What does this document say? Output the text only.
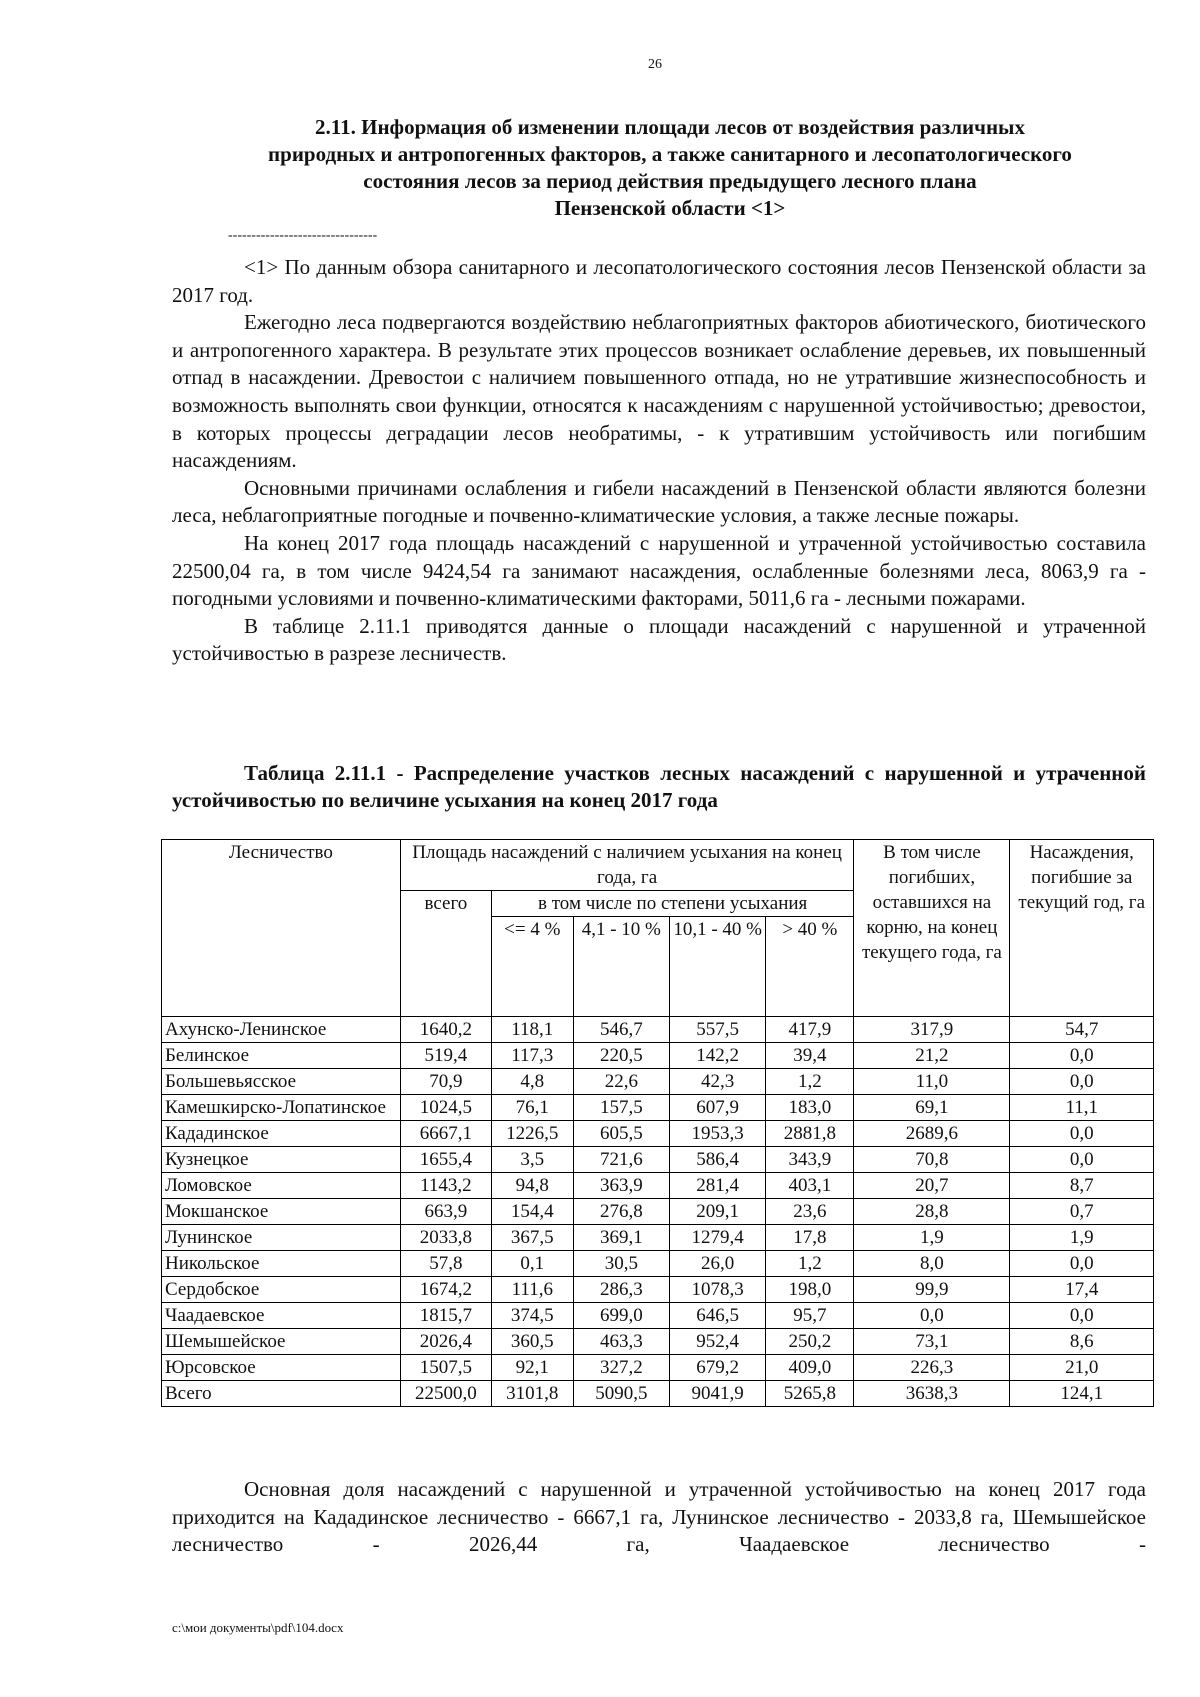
26
2.11. Информация об изменении площади лесов от воздействия различных
природных и антропогенных факторов, а также санитарного и лесопатологического
состояния лесов за период действия предыдущего лесного плана
Пензенской области <1>
--------------------------------

<1> По данным обзора санитарного и лесопатологического состояния лесов Пензенской области за 2017 год.

Ежегодно леса подвергаются воздействию неблагоприятных факторов абиотического, биотического и антропогенного характера. В результате этих процессов возникает ослабление деревьев, их повышенный отпад в насаждении. Древостои с наличием повышенного отпада, но не утратившие жизнеспособность и возможность выполнять свои функции, относятся к насаждениям с нарушенной устойчивостью; древостои, в которых процессы деградации лесов необратимы, - к утратившим устойчивость или погибшим насаждениям.

Основными причинами ослабления и гибели насаждений в Пензенской области являются болезни леса, неблагоприятные погодные и почвенно-климатические условия, а также лесные пожары.

На конец 2017 года площадь насаждений с нарушенной и утраченной устойчивостью составила 22500,04 га, в том числе 9424,54 га занимают насаждения, ослабленные болезнями леса, 8063,9 га - погодными условиями и почвенно-климатическими факторами, 5011,6 га - лесными пожарами.

В таблице 2.11.1 приводятся данные о площади насаждений с нарушенной и утраченной устойчивостью в разрезе лесничеств.

Таблица 2.11.1 - Распределение участков лесных насаждений с нарушенной и утраченной устойчивостью по величине усыхания на конец 2017 года
Лесничество	Площадь насаждений с наличием усыхания на конец года, га					В том числе погибших, оставшихся на корню, на конец текущего года, га	Насаждения, погибшие за текущий год, га
	всего	в том числе по степени усыхания					
		<= 4 %	4,1 - 10 %	10,1 - 40 %	> 40 %		
Ахунско-Ленинское	1640,2	118,1	546,7	557,5	417,9	317,9	54,7
Белинское	519,4	117,3	220,5	142,2	39,4	21,2	0,0
Большевьясское	70,9	4,8	22,6	42,3	1,2	11,0	0,0
Камешкирско-Лопатинское	1024,5	76,1	157,5	607,9	183,0	69,1	11,1
Кададинское	6667,1	1226,5	605,5	1953,3	2881,8	2689,6	0,0
Кузнецкое	1655,4	3,5	721,6	586,4	343,9	70,8	0,0
Ломовское	1143,2	94,8	363,9	281,4	403,1	20,7	8,7
Мокшанское	663,9	154,4	276,8	209,1	23,6	28,8	0,7
Лунинское	2033,8	367,5	369,1	1279,4	17,8	1,9	1,9
Никольское	57,8	0,1	30,5	26,0	1,2	8,0	0,0
Сердобское	1674,2	111,6	286,3	1078,3	198,0	99,9	17,4
Чаадаевское	1815,7	374,5	699,0	646,5	95,7	0,0	0,0
Шемышейское	2026,4	360,5	463,3	952,4	250,2	73,1	8,6
Юрсовское	1507,5	92,1	327,2	679,2	409,0	226,3	21,0
Всего	22500,0	3101,8	5090,5	9041,9	5265,8	3638,3	124,1

Основная доля насаждений с нарушенной и утраченной устойчивостью на конец 2017 года приходится на Кададинское лесничество - 6667,1 га, Лунинское лесничество - 2033,8 га, Шемышейское лесничество - 2026,44 га, Чаадаевское лесничество -

c:\мои документы\pdf\104.docx
